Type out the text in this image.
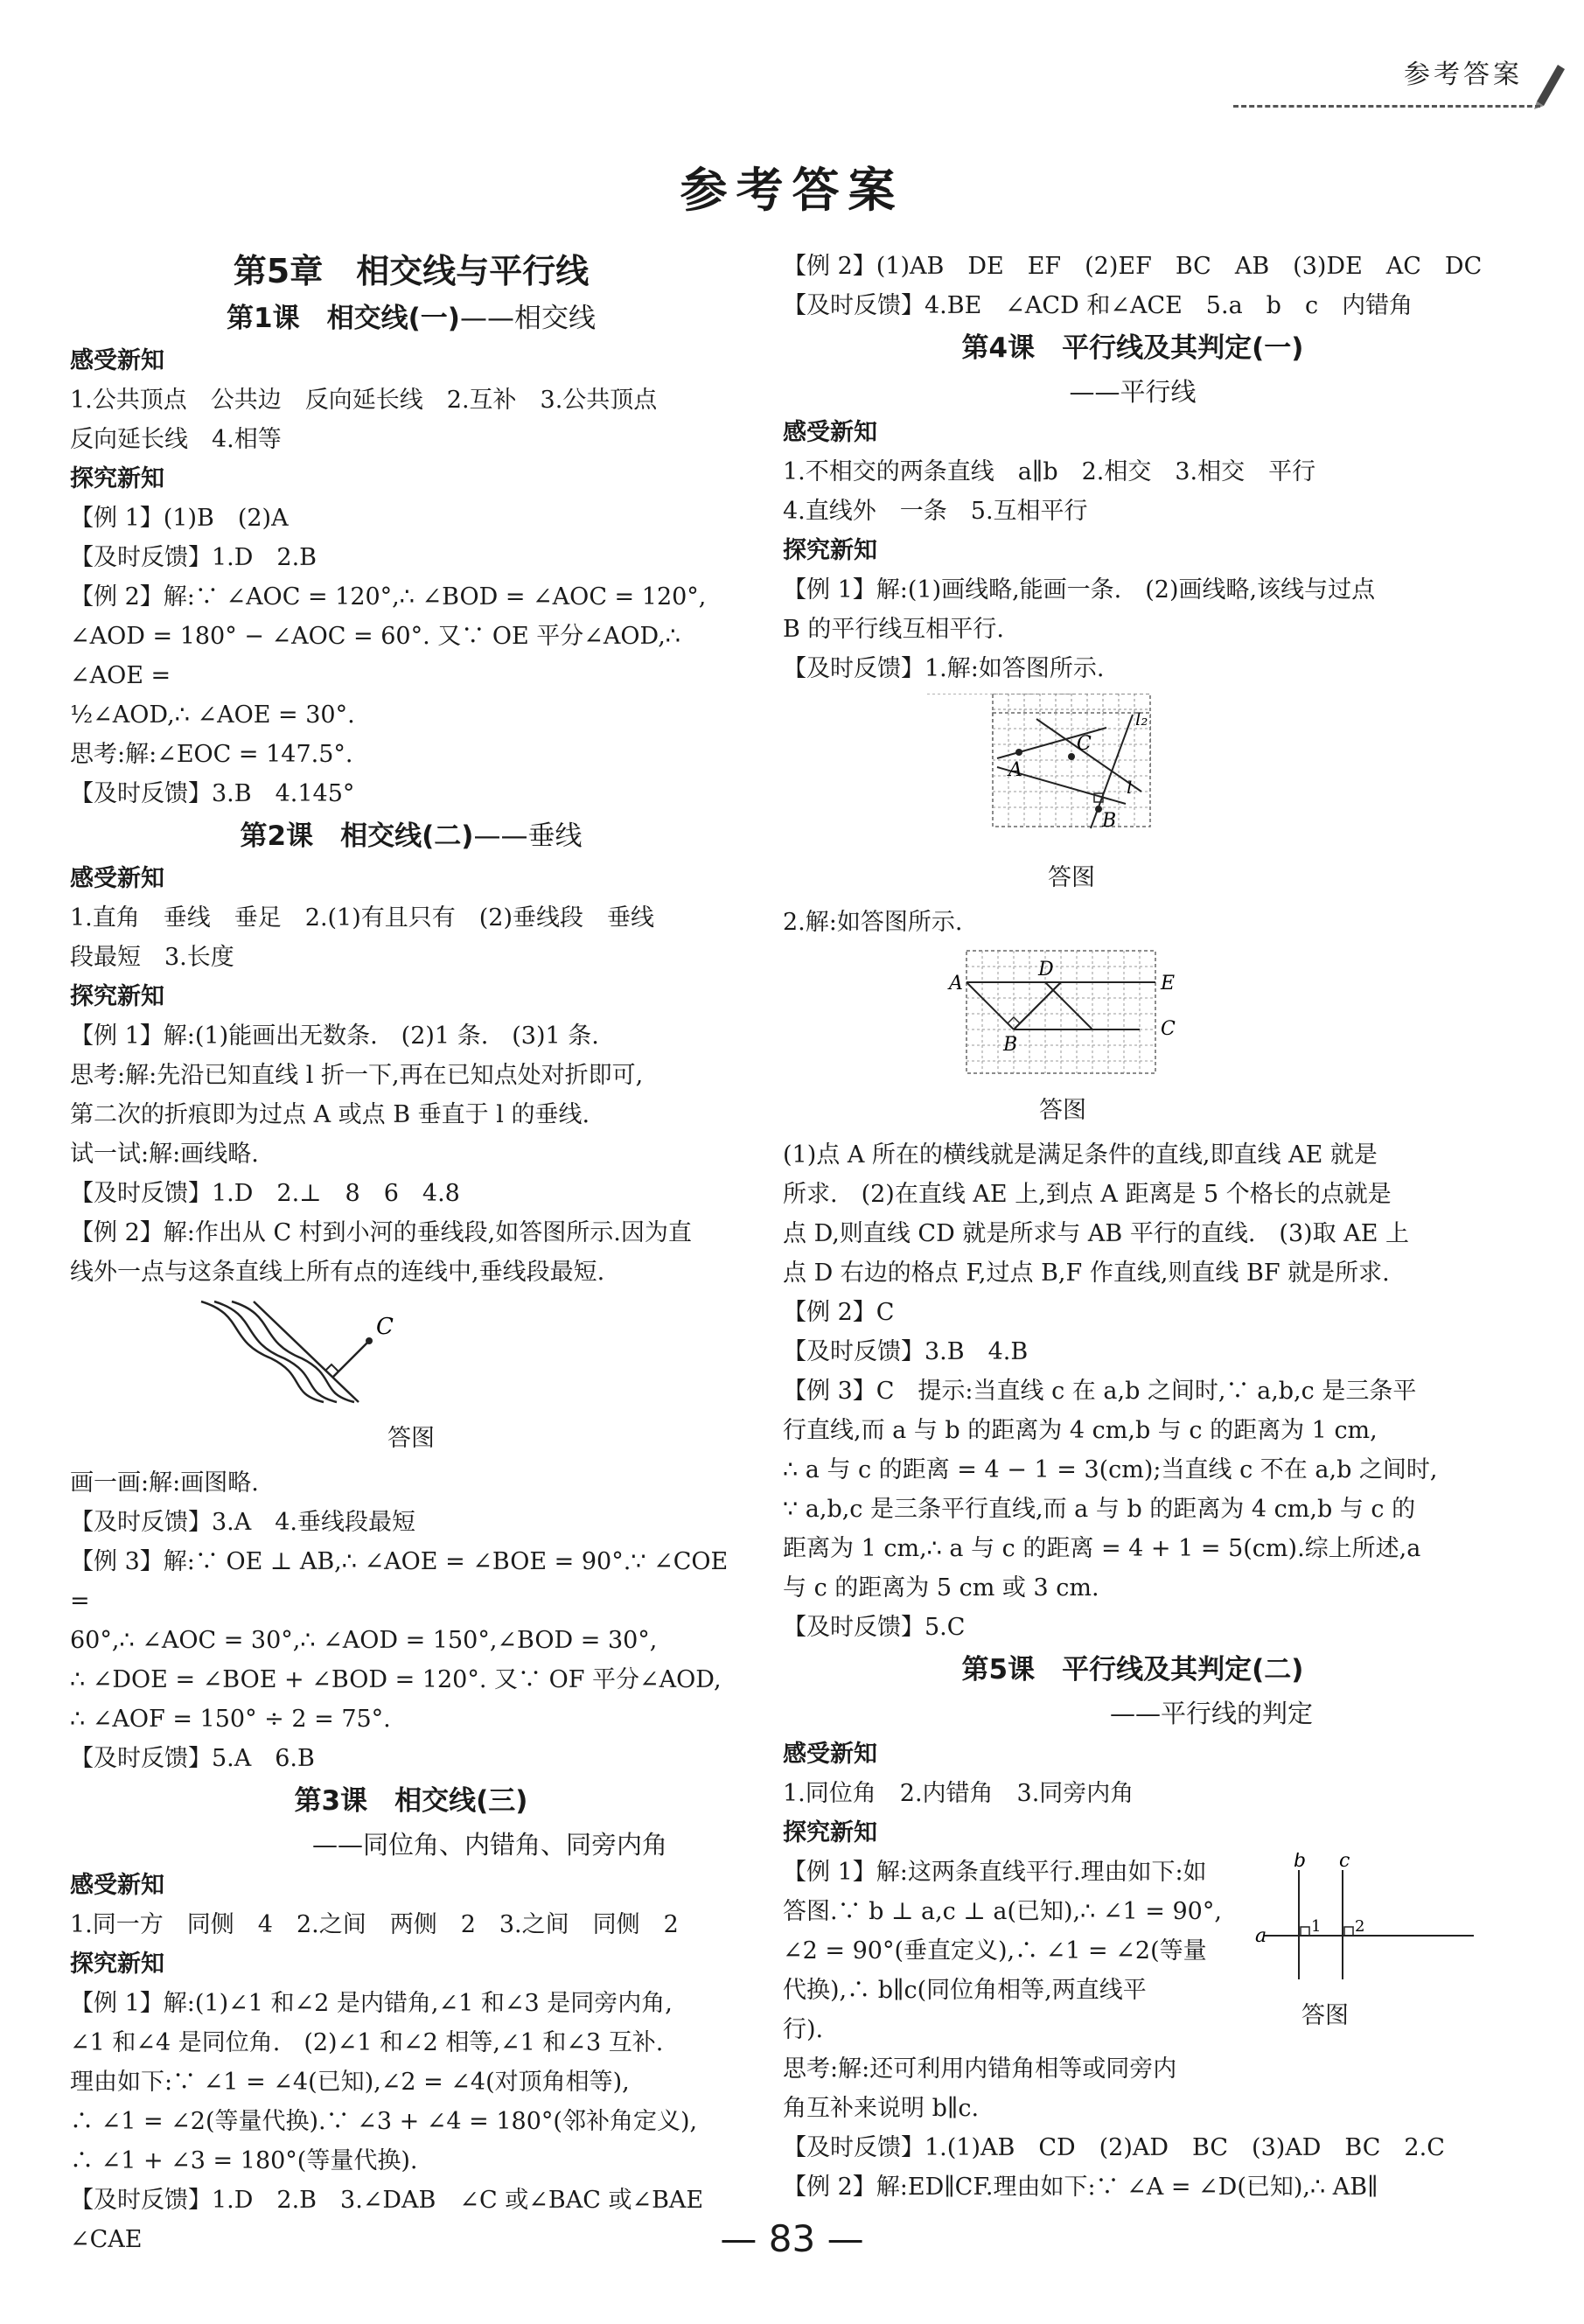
参考答案
参考答案

第5章　相交线与平行线

第1课　相交线(一)——相交线

感受新知

1.公共顶点　公共边　反向延长线　2.互补　3.公共顶点

反向延长线　4.相等

探究新知

【例 1】(1)B　(2)A

【及时反馈】1.D　2.B

【例 2】解:∵ ∠AOC = 120°,∴ ∠BOD = ∠AOC = 120°,

∠AOD = 180° − ∠AOC = 60°. 又∵ OE 平分∠AOD,∴ ∠AOE =

½∠AOD,∴ ∠AOE = 30°.

思考:解:∠EOC = 147.5°.

【及时反馈】3.B　4.145°

第2课　相交线(二)——垂线

感受新知

1.直角　垂线　垂足　2.(1)有且只有　(2)垂线段　垂线

段最短　3.长度

探究新知

【例 1】解:(1)能画出无数条.　(2)1 条.　(3)1 条.

思考:解:先沿已知直线 l 折一下,再在已知点处对折即可,

第二次的折痕即为过点 A 或点 B 垂直于 l 的垂线.

试一试:解:画线略.

【及时反馈】1.D　2.⊥　8　6　4.8

【例 2】解:作出从 C 村到小河的垂线段,如答图所示.因为直

线外一点与这条直线上所有点的连线中,垂线段最短.

C
答图

画一画:解:画图略.

【及时反馈】3.A　4.垂线段最短

【例 3】解:∵ OE ⊥ AB,∴ ∠AOE = ∠BOE = 90°.∵ ∠COE =

60°,∴ ∠AOC = 30°,∴ ∠AOD = 150°,∠BOD = 30°,

∴ ∠DOE = ∠BOE + ∠BOD = 120°. 又∵ OF 平分∠AOD,

∴ ∠AOF = 150° ÷ 2 = 75°.

【及时反馈】5.A　6.B

第3课　相交线(三)

——同位角、内错角、同旁内角

感受新知

1.同一方　同侧　4　2.之间　两侧　2　3.之间　同侧　2

探究新知

【例 1】解:(1)∠1 和∠2 是内错角,∠1 和∠3 是同旁内角,

∠1 和∠4 是同位角.　(2)∠1 和∠2 相等,∠1 和∠3 互补.

理由如下:∵ ∠1 = ∠4(已知),∠2 = ∠4(对顶角相等),

∴ ∠1 = ∠2(等量代换).∵ ∠3 + ∠4 = 180°(邻补角定义),

∴ ∠1 + ∠3 = 180°(等量代换).

【及时反馈】1.D　2.B　3.∠DAB　∠C 或∠BAC 或∠BAE

∠CAE

【例 2】(1)AB　DE　EF　(2)EF　BC　AB　(3)DE　AC　DC

【及时反馈】4.BE　∠ACD 和∠ACE　5.a　b　c　内错角

第4课　平行线及其判定(一)

——平行线

感受新知

1.不相交的两条直线　a∥b　2.相交　3.相交　平行

4.直线外　一条　5.互相平行

探究新知

【例 1】解:(1)画线略,能画一条.　(2)画线略,该线与过点

B 的平行线互相平行.

【及时反馈】1.解:如答图所示.

A
C
B
l
l₂
答图

2.解:如答图所示.

A
D
E
B
C
答图

(1)点 A 所在的横线就是满足条件的直线,即直线 AE 就是

所求.　(2)在直线 AE 上,到点 A 距离是 5 个格长的点就是

点 D,则直线 CD 就是所求与 AB 平行的直线.　(3)取 AE 上

点 D 右边的格点 F,过点 B,F 作直线,则直线 BF 就是所求.

【例 2】C

【及时反馈】3.B　4.B

【例 3】C　提示:当直线 c 在 a,b 之间时,∵ a,b,c 是三条平

行直线,而 a 与 b 的距离为 4 cm,b 与 c 的距离为 1 cm,

∴ a 与 c 的距离 = 4 − 1 = 3(cm);当直线 c 不在 a,b 之间时,

∵ a,b,c 是三条平行直线,而 a 与 b 的距离为 4 cm,b 与 c 的

距离为 1 cm,∴ a 与 c 的距离 = 4 + 1 = 5(cm).综上所述,a

与 c 的距离为 5 cm 或 3 cm.

【及时反馈】5.C

第5课　平行线及其判定(二)

——平行线的判定

感受新知

1.同位角　2.内错角　3.同旁内角

探究新知

a
b c
1 2
答图

【例 1】解:这两条直线平行.理由如下:如

答图.∵ b ⊥ a,c ⊥ a(已知),∴ ∠1 = 90°,

∠2 = 90°(垂直定义),∴ ∠1 = ∠2(等量

代换),∴ b∥c(同位角相等,两直线平

行).

思考:解:还可利用内错角相等或同旁内

角互补来说明 b∥c.

【及时反馈】1.(1)AB　CD　(2)AD　BC　(3)AD　BC　2.C

【例 2】解:ED∥CF.理由如下:∵ ∠A = ∠D(已知),∴ AB∥

— 83 —
